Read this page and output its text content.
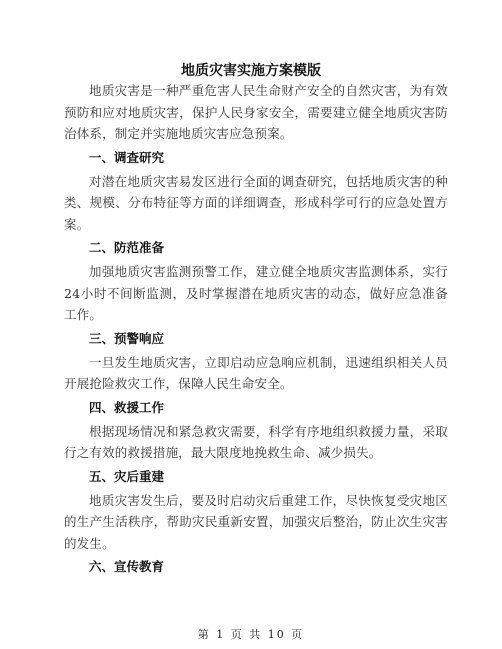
地质灾害实施方案模版

地质灾害是一种严重危害人民生命财产安全的自然灾害，为有效预防和应对地质灾害，保护人民身家安全，需要建立健全地质灾害防治体系，制定并实施地质灾害应急预案。

一、调查研究

对潜在地质灾害易发区进行全面的调查研究，包括地质灾害的种类、规模、分布特征等方面的详细调查，形成科学可行的应急处置方案。

二、防范准备

加强地质灾害监测预警工作，建立健全地质灾害监测体系，实行24小时不间断监测，及时掌握潜在地质灾害的动态，做好应急准备工作。

三、预警响应

一旦发生地质灾害，立即启动应急响应机制，迅速组织相关人员开展抢险救灾工作，保障人民生命安全。

四、救援工作

根据现场情况和紧急救灾需要，科学有序地组织救援力量，采取行之有效的救援措施，最大限度地挽救生命、减少损失。

五、灾后重建

地质灾害发生后，要及时启动灾后重建工作，尽快恢复受灾地区的生产生活秩序，帮助灾民重新安置，加强灾后整治，防止次生灾害的发生。

六、宣传教育
第 1 页 共 10 页
